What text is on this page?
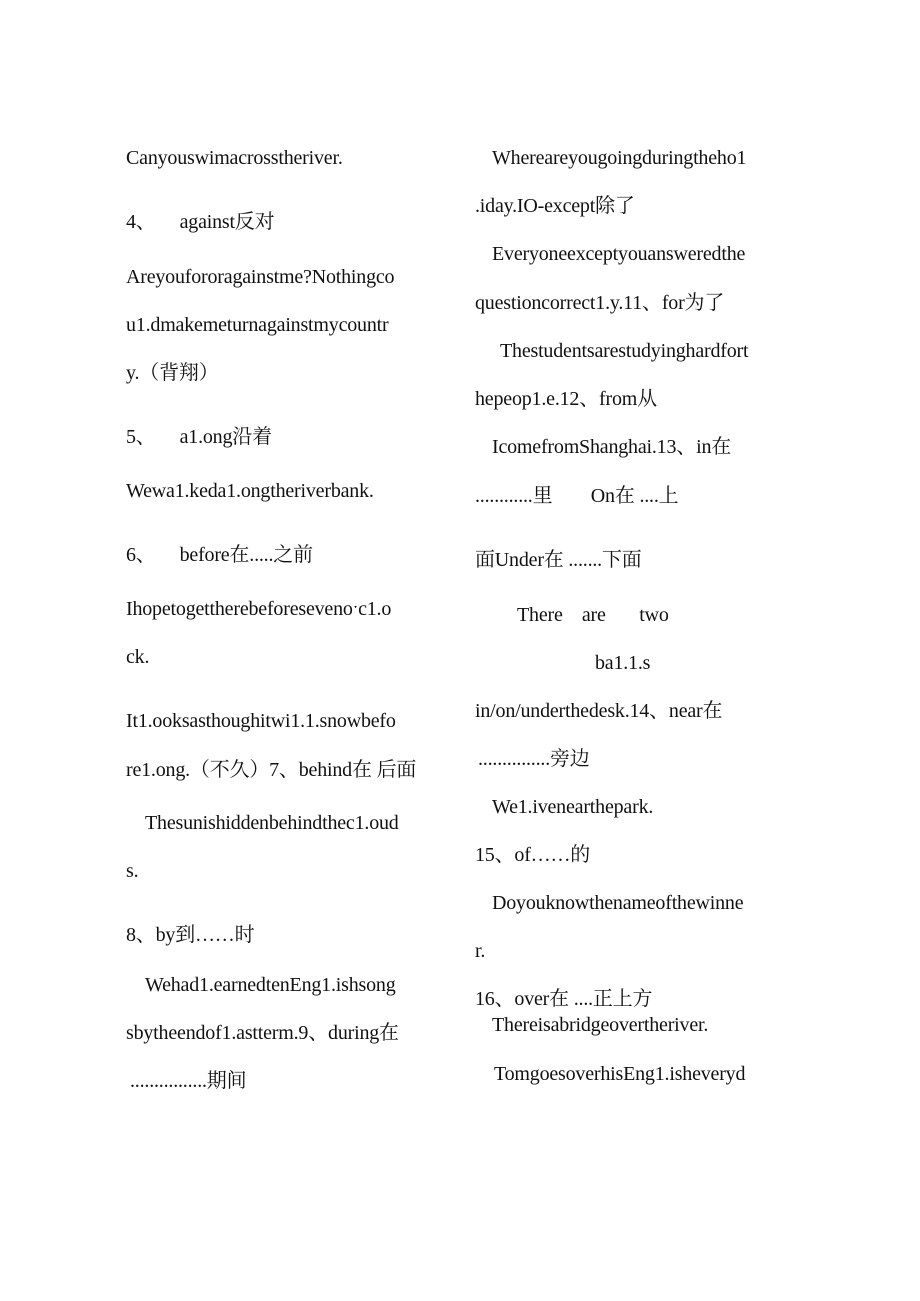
Canyouswimacrosstheriver.
4、     against反对
Areyoufororagainstme?Nothingco
u1.dmakemeturnagainstmycountr
y.（背翔）
5、     a1.ong沿着
Wewa1.keda1.ongtheriverbank.
6、     before在.....之前
Ihopetogettherebeforesevenoˑc1.o
ck.
It1.ooksasthoughitwi1.1.snowbefo
re1.ong.（不久）7、behind在 后面
Thesunishiddenbehindthec1.oud
s.
8、by到……时
Wehad1.earnedtenEng1.ishsong
sbytheendof1.astterm.9、during在
................期间
Whereareyougoingduringtheho1
.iday.IO-except除了
Everyoneexceptyouansweredthe
questioncorrect1.y.11、for为了
Thestudentsarestudyinghardfort
hepeop1.e.12、from从
IcomefromShanghai.13、in在
............里        On在 ....上
面Under在 .......下面
There    are       two
ba1.1.s
in/on/underthedesk.14、near在
...............旁边
We1.ivenearthepark.
15、of……的
Doyouknowthenameofthewinne
r.
16、over在 ....正上方
Thereisabridgeovertheriver.
TomgoesoverhisEng1.isheveryd
